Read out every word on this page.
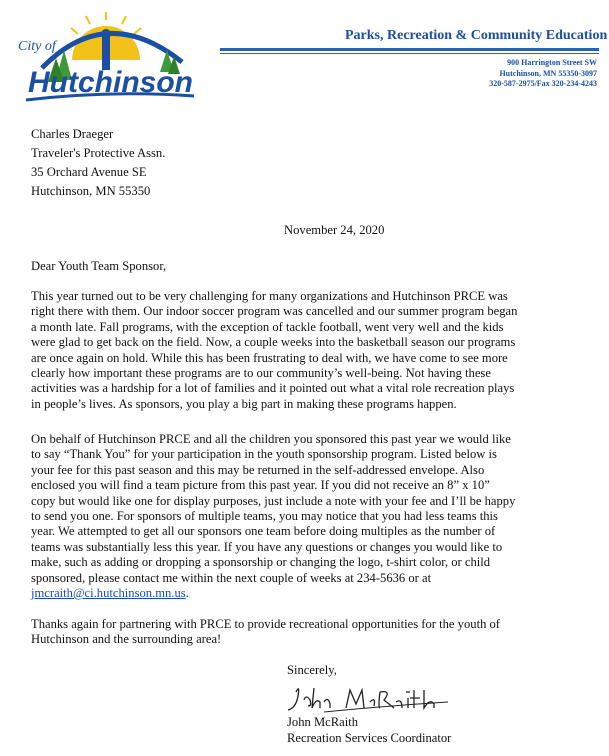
City of
Hutchinson
Parks, Recreation & Community Education
900 Harrington Street SW
Hutchinson, MN 55350-3097
320-587-2975/Fax 320-234-4243
Charles Draeger
Traveler's Protective Assn.
35 Orchard Avenue SE
Hutchinson, MN 55350
November 24, 2020
Dear Youth Team Sponsor,
This year turned out to be very challenging for many organizations and Hutchinson PRCE was
right there with them. Our indoor soccer program was cancelled and our summer program began
a month late. Fall programs, with the exception of tackle football, went very well and the kids
were glad to get back on the field. Now, a couple weeks into the basketball season our programs
are once again on hold. While this has been frustrating to deal with, we have come to see more
clearly how important these programs are to our community’s well-being. Not having these
activities was a hardship for a lot of families and it pointed out what a vital role recreation plays
in people’s lives. As sponsors, you play a big part in making these programs happen.
On behalf of Hutchinson PRCE and all the children you sponsored this past year we would like
to say “Thank You” for your participation in the youth sponsorship program. Listed below is
your fee for this past season and this may be returned in the self-addressed envelope. Also
enclosed you will find a team picture from this past year. If you did not receive an 8” x 10”
copy but would like one for display purposes, just include a note with your fee and I’ll be happy
to send you one. For sponsors of multiple teams, you may notice that you had less teams this
year. We attempted to get all our sponsors one team before doing multiples as the number of
teams was substantially less this year. If you have any questions or changes you would like to
make, such as adding or dropping a sponsorship or changing the logo, t-shirt color, or child
sponsored, please contact me within the next couple of weeks at 234-5636 or at
jmcraith@ci.hutchinson.mn.us.
Thanks again for partnering with PRCE to provide recreational opportunities for the youth of
Hutchinson and the surrounding area!
Sincerely,
John McRaith
Recreation Services Coordinator
